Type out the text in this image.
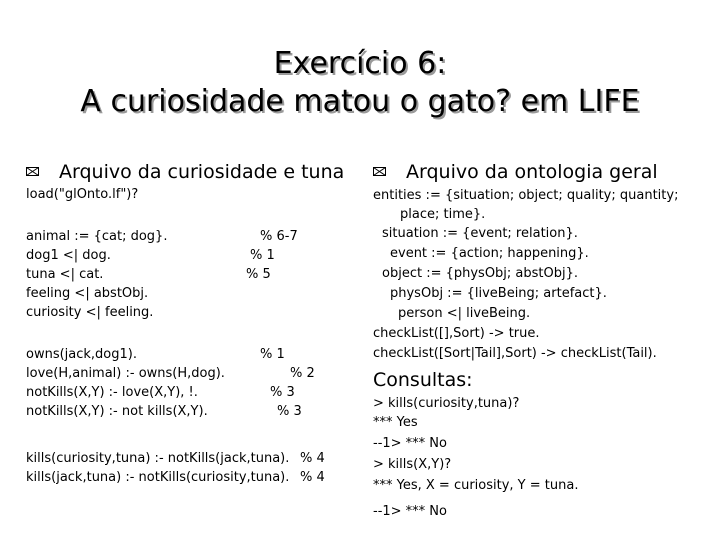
Exercício 6:
A curiosidade matou o gato? em LIFE
Arquivo da curiosidade e tuna
load("glOnto.lf")?
animal := {cat; dog}.	% 6-7
dog1 <| dog.	% 1
tuna <| cat.	% 5
feeling <| abstObj.
curiosity <| feeling.
owns(jack,dog1).	% 1
love(H,animal) :- owns(H,dog).	% 2
notKills(X,Y) :- love(X,Y), !.	% 3
notKills(X,Y) :- not kills(X,Y).	% 3
kills(curiosity,tuna) :- notKills(jack,tuna). % 4
kills(jack,tuna) :- notKills(curiosity,tuna). % 4
Arquivo da ontologia geral
entities := {situation; object; quality; quantity;
place; time}.
situation := {event; relation}.
event := {action; happening}.
object := {physObj; abstObj}.
physObj := {liveBeing; artefact}.
person <| liveBeing.
checkList([],Sort) -> true.
checkList([Sort|Tail],Sort) -> checkList(Tail).
Consultas:
> kills(curiosity,tuna)?
*** Yes
--1> *** No
> kills(X,Y)?
*** Yes, X = curiosity, Y = tuna.
--1> *** No
